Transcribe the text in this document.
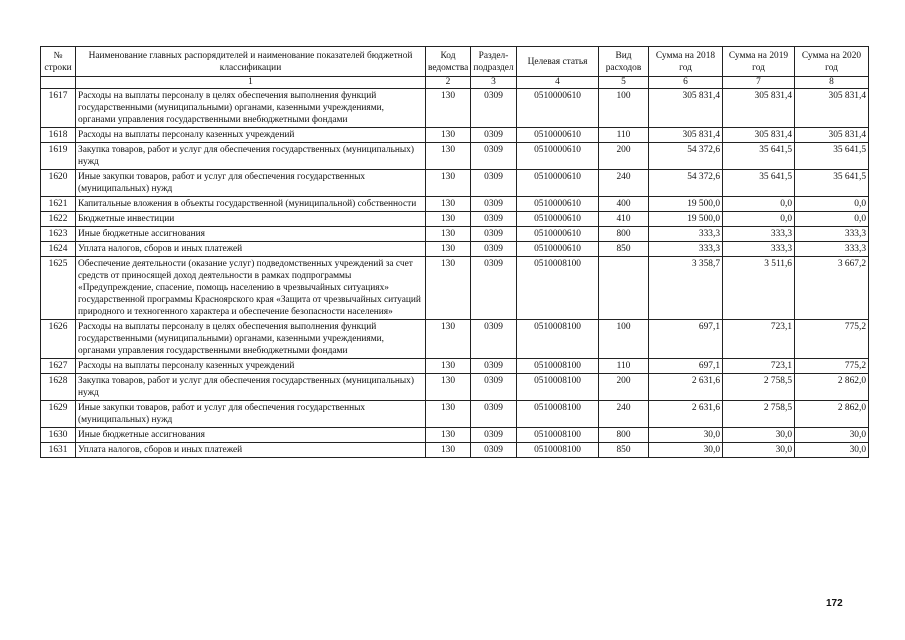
№ строки	Наименование главных распорядителей и наименование показателей бюджетной классификации	Код ведомства	Раздел- подраздел	Целевая статья	Вид расходов	Сумма на 2018 год	Сумма на 2019 год	Сумма на 2020 год
	1	2	3	4	5	6	7	8
1617	Расходы на выплаты персоналу в целях обеспечения выполнения функций государственными (муниципальными) органами, казенными учреждениями, органами управления государственными внебюджетными фондами	130	0309	0510000610	100	305 831,4	305 831,4	305 831,4
1618	Расходы на выплаты персоналу казенных учреждений	130	0309	0510000610	110	305 831,4	305 831,4	305 831,4
1619	Закупка товаров, работ и услуг для обеспечения государственных (муниципальных) нужд	130	0309	0510000610	200	54 372,6	35 641,5	35 641,5
1620	Иные закупки товаров, работ и услуг для обеспечения государственных (муниципальных) нужд	130	0309	0510000610	240	54 372,6	35 641,5	35 641,5
1621	Капитальные вложения в объекты государственной (муниципальной) собственности	130	0309	0510000610	400	19 500,0	0,0	0,0
1622	Бюджетные инвестиции	130	0309	0510000610	410	19 500,0	0,0	0,0
1623	Иные бюджетные ассигнования	130	0309	0510000610	800	333,3	333,3	333,3
1624	Уплата налогов, сборов и иных платежей	130	0309	0510000610	850	333,3	333,3	333,3
1625	Обеспечение деятельности (оказание услуг) подведомственных учреждений за счет средств от приносящей доход деятельности в рамках подпрограммы «Предупреждение, спасение, помощь населению в чрезвычайных ситуациях» государственной программы Красноярского края «Защита от чрезвычайных ситуаций природного и техногенного характера и обеспечение безопасности населения»	130	0309	0510008100		3 358,7	3 511,6	3 667,2
1626	Расходы на выплаты персоналу в целях обеспечения выполнения функций государственными (муниципальными) органами, казенными учреждениями, органами управления государственными внебюджетными фондами	130	0309	0510008100	100	697,1	723,1	775,2
1627	Расходы на выплаты персоналу казенных учреждений	130	0309	0510008100	110	697,1	723,1	775,2
1628	Закупка товаров, работ и услуг для обеспечения государственных (муниципальных) нужд	130	0309	0510008100	200	2 631,6	2 758,5	2 862,0
1629	Иные закупки товаров, работ и услуг для обеспечения государственных (муниципальных) нужд	130	0309	0510008100	240	2 631,6	2 758,5	2 862,0
1630	Иные бюджетные ассигнования	130	0309	0510008100	800	30,0	30,0	30,0
1631	Уплата налогов, сборов и иных платежей	130	0309	0510008100	850	30,0	30,0	30,0
172
